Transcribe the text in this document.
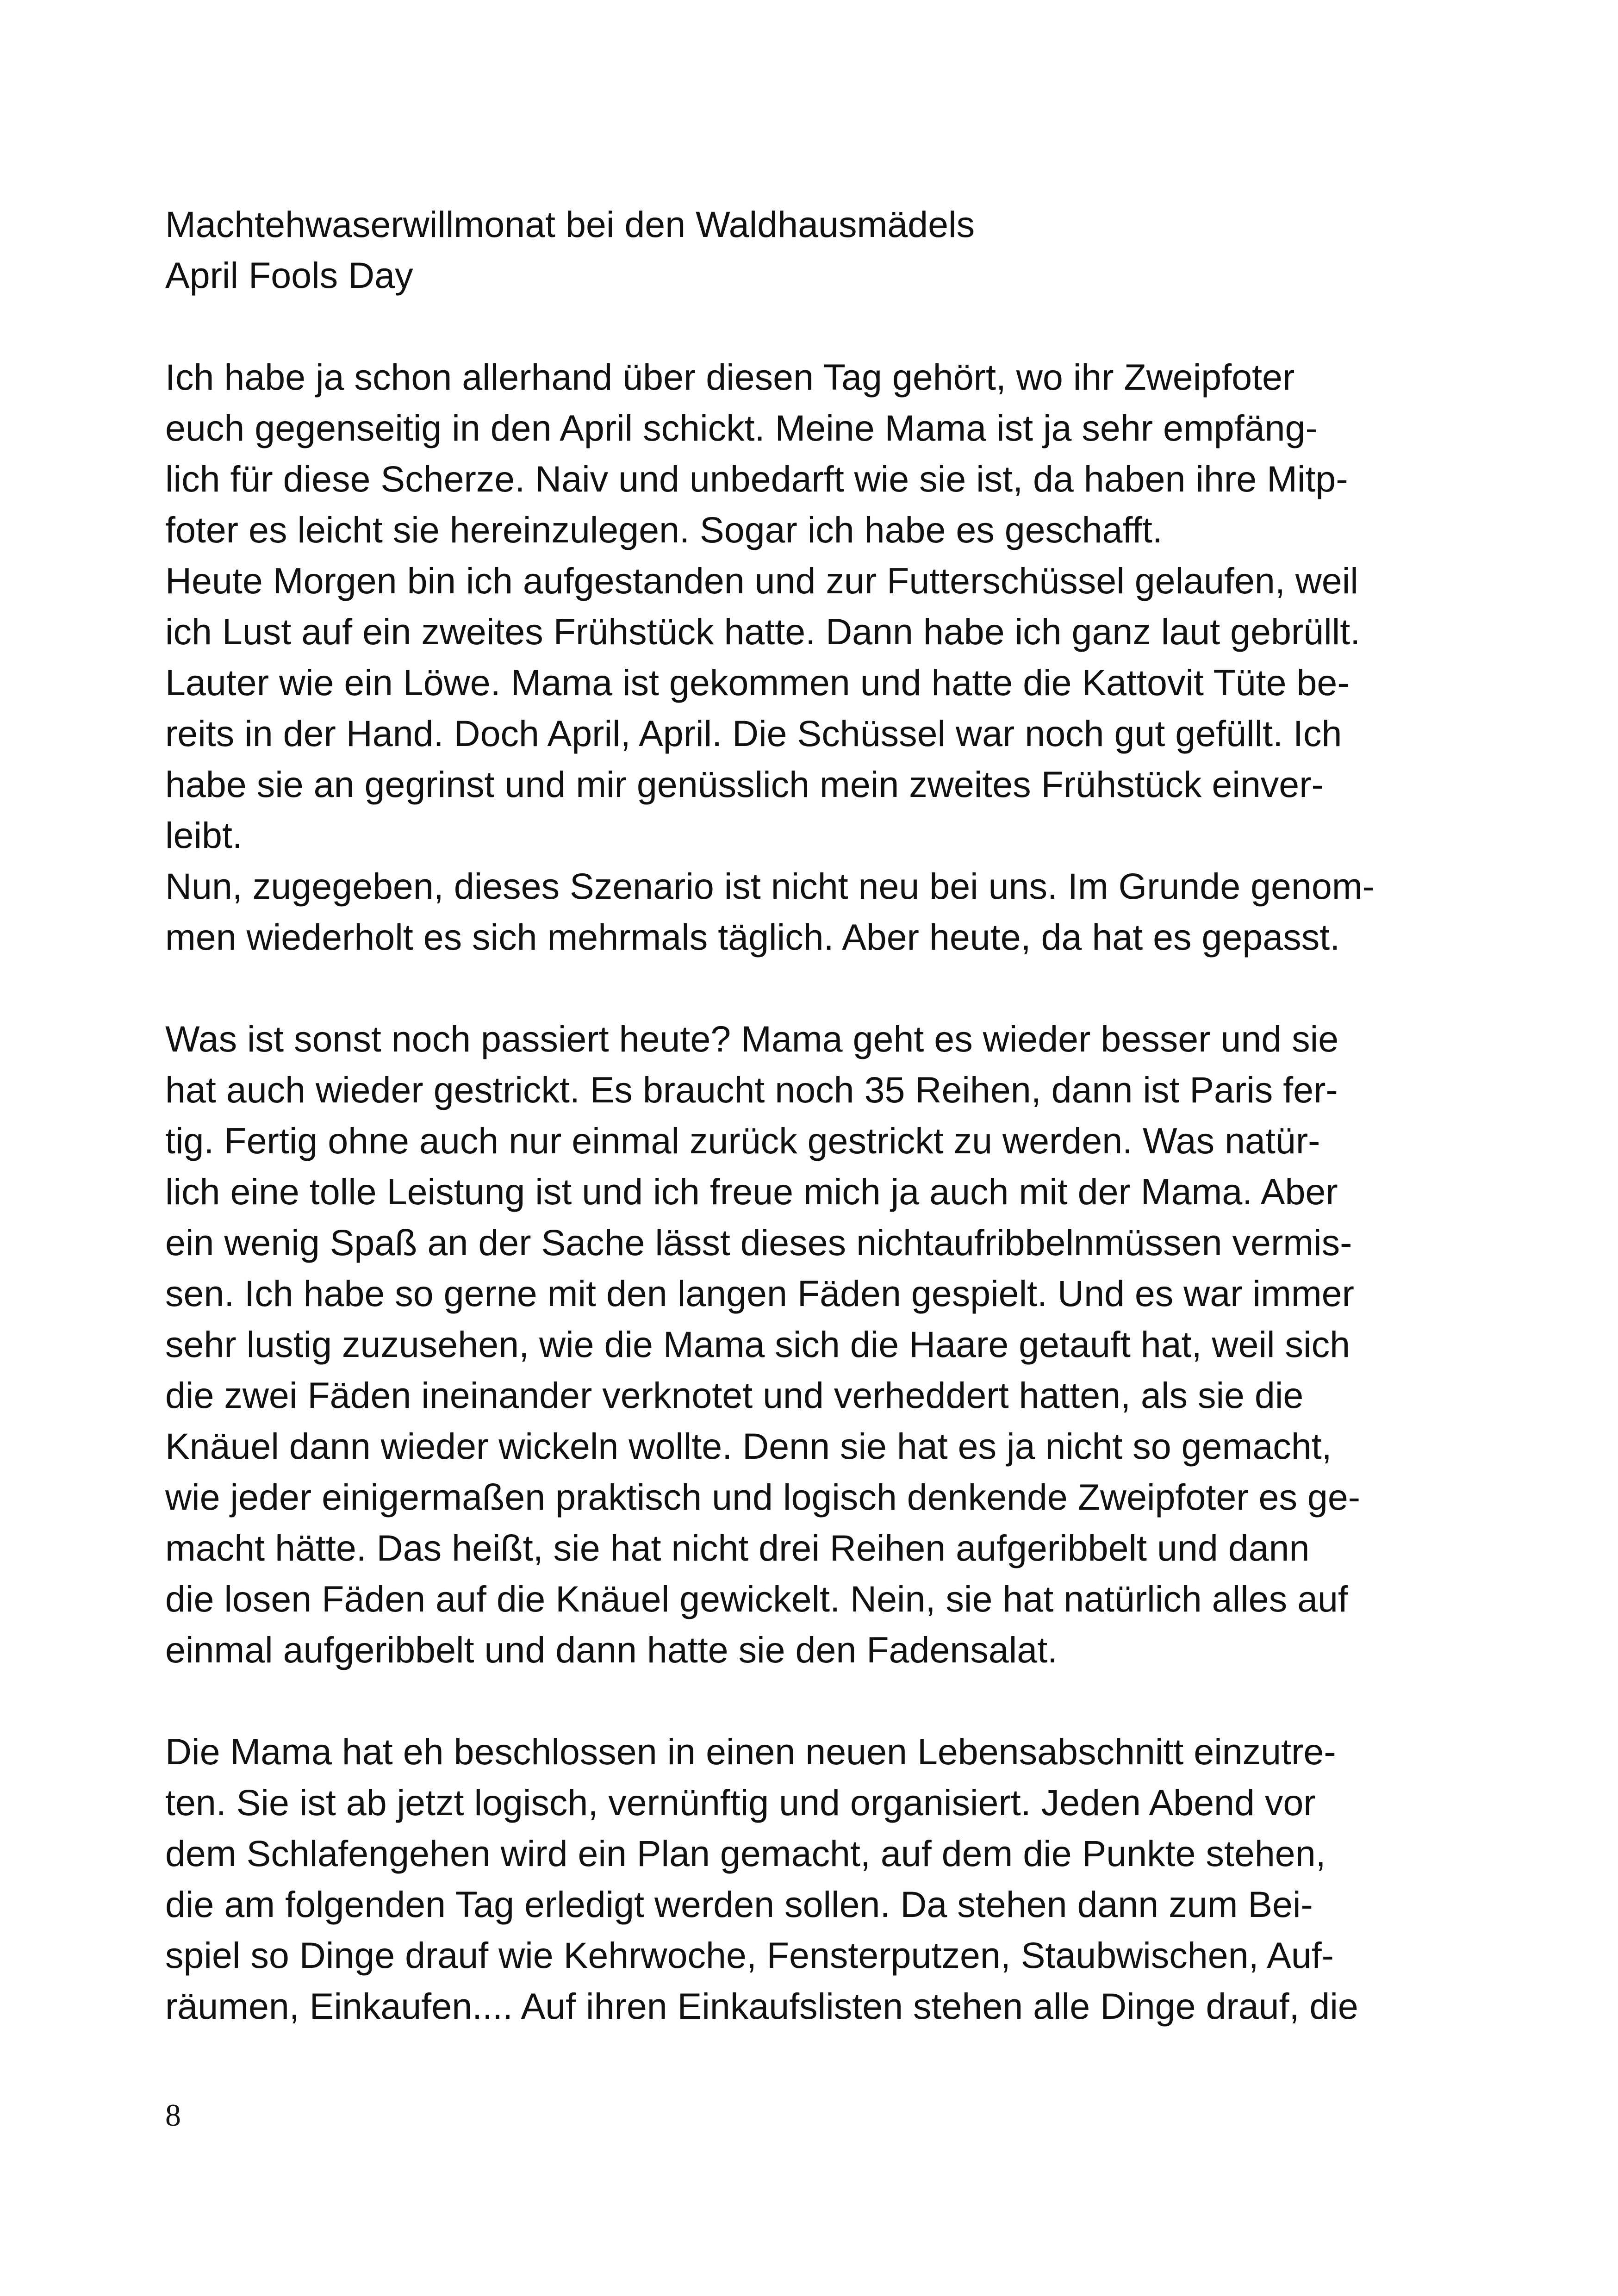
Machtehwaserwillmonat bei den Waldhausmädels
April Fools Day
Ich habe ja schon allerhand über diesen Tag gehört, wo ihr Zweipfoter
euch gegenseitig in den April schickt. Meine Mama ist ja sehr empfäng-
lich für diese Scherze. Naiv und unbedarft wie sie ist, da haben ihre Mitp-
foter es leicht sie hereinzulegen. Sogar ich habe es geschafft.
Heute Morgen bin ich aufgestanden und zur Futterschüssel gelaufen, weil
ich Lust auf ein zweites Frühstück hatte. Dann habe ich ganz laut gebrüllt.
Lauter wie ein Löwe. Mama ist gekommen und hatte die Kattovit Tüte be-
reits in der Hand. Doch April, April. Die Schüssel war noch gut gefüllt. Ich
habe sie an gegrinst und mir genüsslich mein zweites Frühstück einver-
leibt.
Nun, zugegeben, dieses Szenario ist nicht neu bei uns. Im Grunde genom-
men wiederholt es sich mehrmals täglich. Aber heute, da hat es gepasst.
Was ist sonst noch passiert heute? Mama geht es wieder besser und sie
hat auch wieder gestrickt. Es braucht noch 35 Reihen, dann ist Paris fer-
tig. Fertig ohne auch nur einmal zurück gestrickt zu werden. Was natür-
lich eine tolle Leistung ist und ich freue mich ja auch mit der Mama. Aber
ein wenig Spaß an der Sache lässt dieses nichtaufribbelnmüssen vermis-
sen. Ich habe so gerne mit den langen Fäden gespielt. Und es war immer
sehr lustig zuzusehen, wie die Mama sich die Haare getauft hat, weil sich
die zwei Fäden ineinander verknotet und verheddert hatten, als sie die
Knäuel dann wieder wickeln wollte. Denn sie hat es ja nicht so gemacht,
wie jeder einigermaßen praktisch und logisch denkende Zweipfoter es ge-
macht hätte. Das heißt, sie hat nicht drei Reihen aufgeribbelt und dann
die losen Fäden auf die Knäuel gewickelt. Nein, sie hat natürlich alles auf
einmal aufgeribbelt und dann hatte sie den Fadensalat.
Die Mama hat eh beschlossen in einen neuen Lebensabschnitt einzutre-
ten. Sie ist ab jetzt logisch, vernünftig und organisiert. Jeden Abend vor
dem Schlafengehen wird ein Plan gemacht, auf dem die Punkte stehen,
die am folgenden Tag erledigt werden sollen. Da stehen dann zum Bei-
spiel so Dinge drauf wie Kehrwoche, Fensterputzen, Staubwischen, Auf-
räumen, Einkaufen.... Auf ihren Einkaufslisten stehen alle Dinge drauf, die
8
